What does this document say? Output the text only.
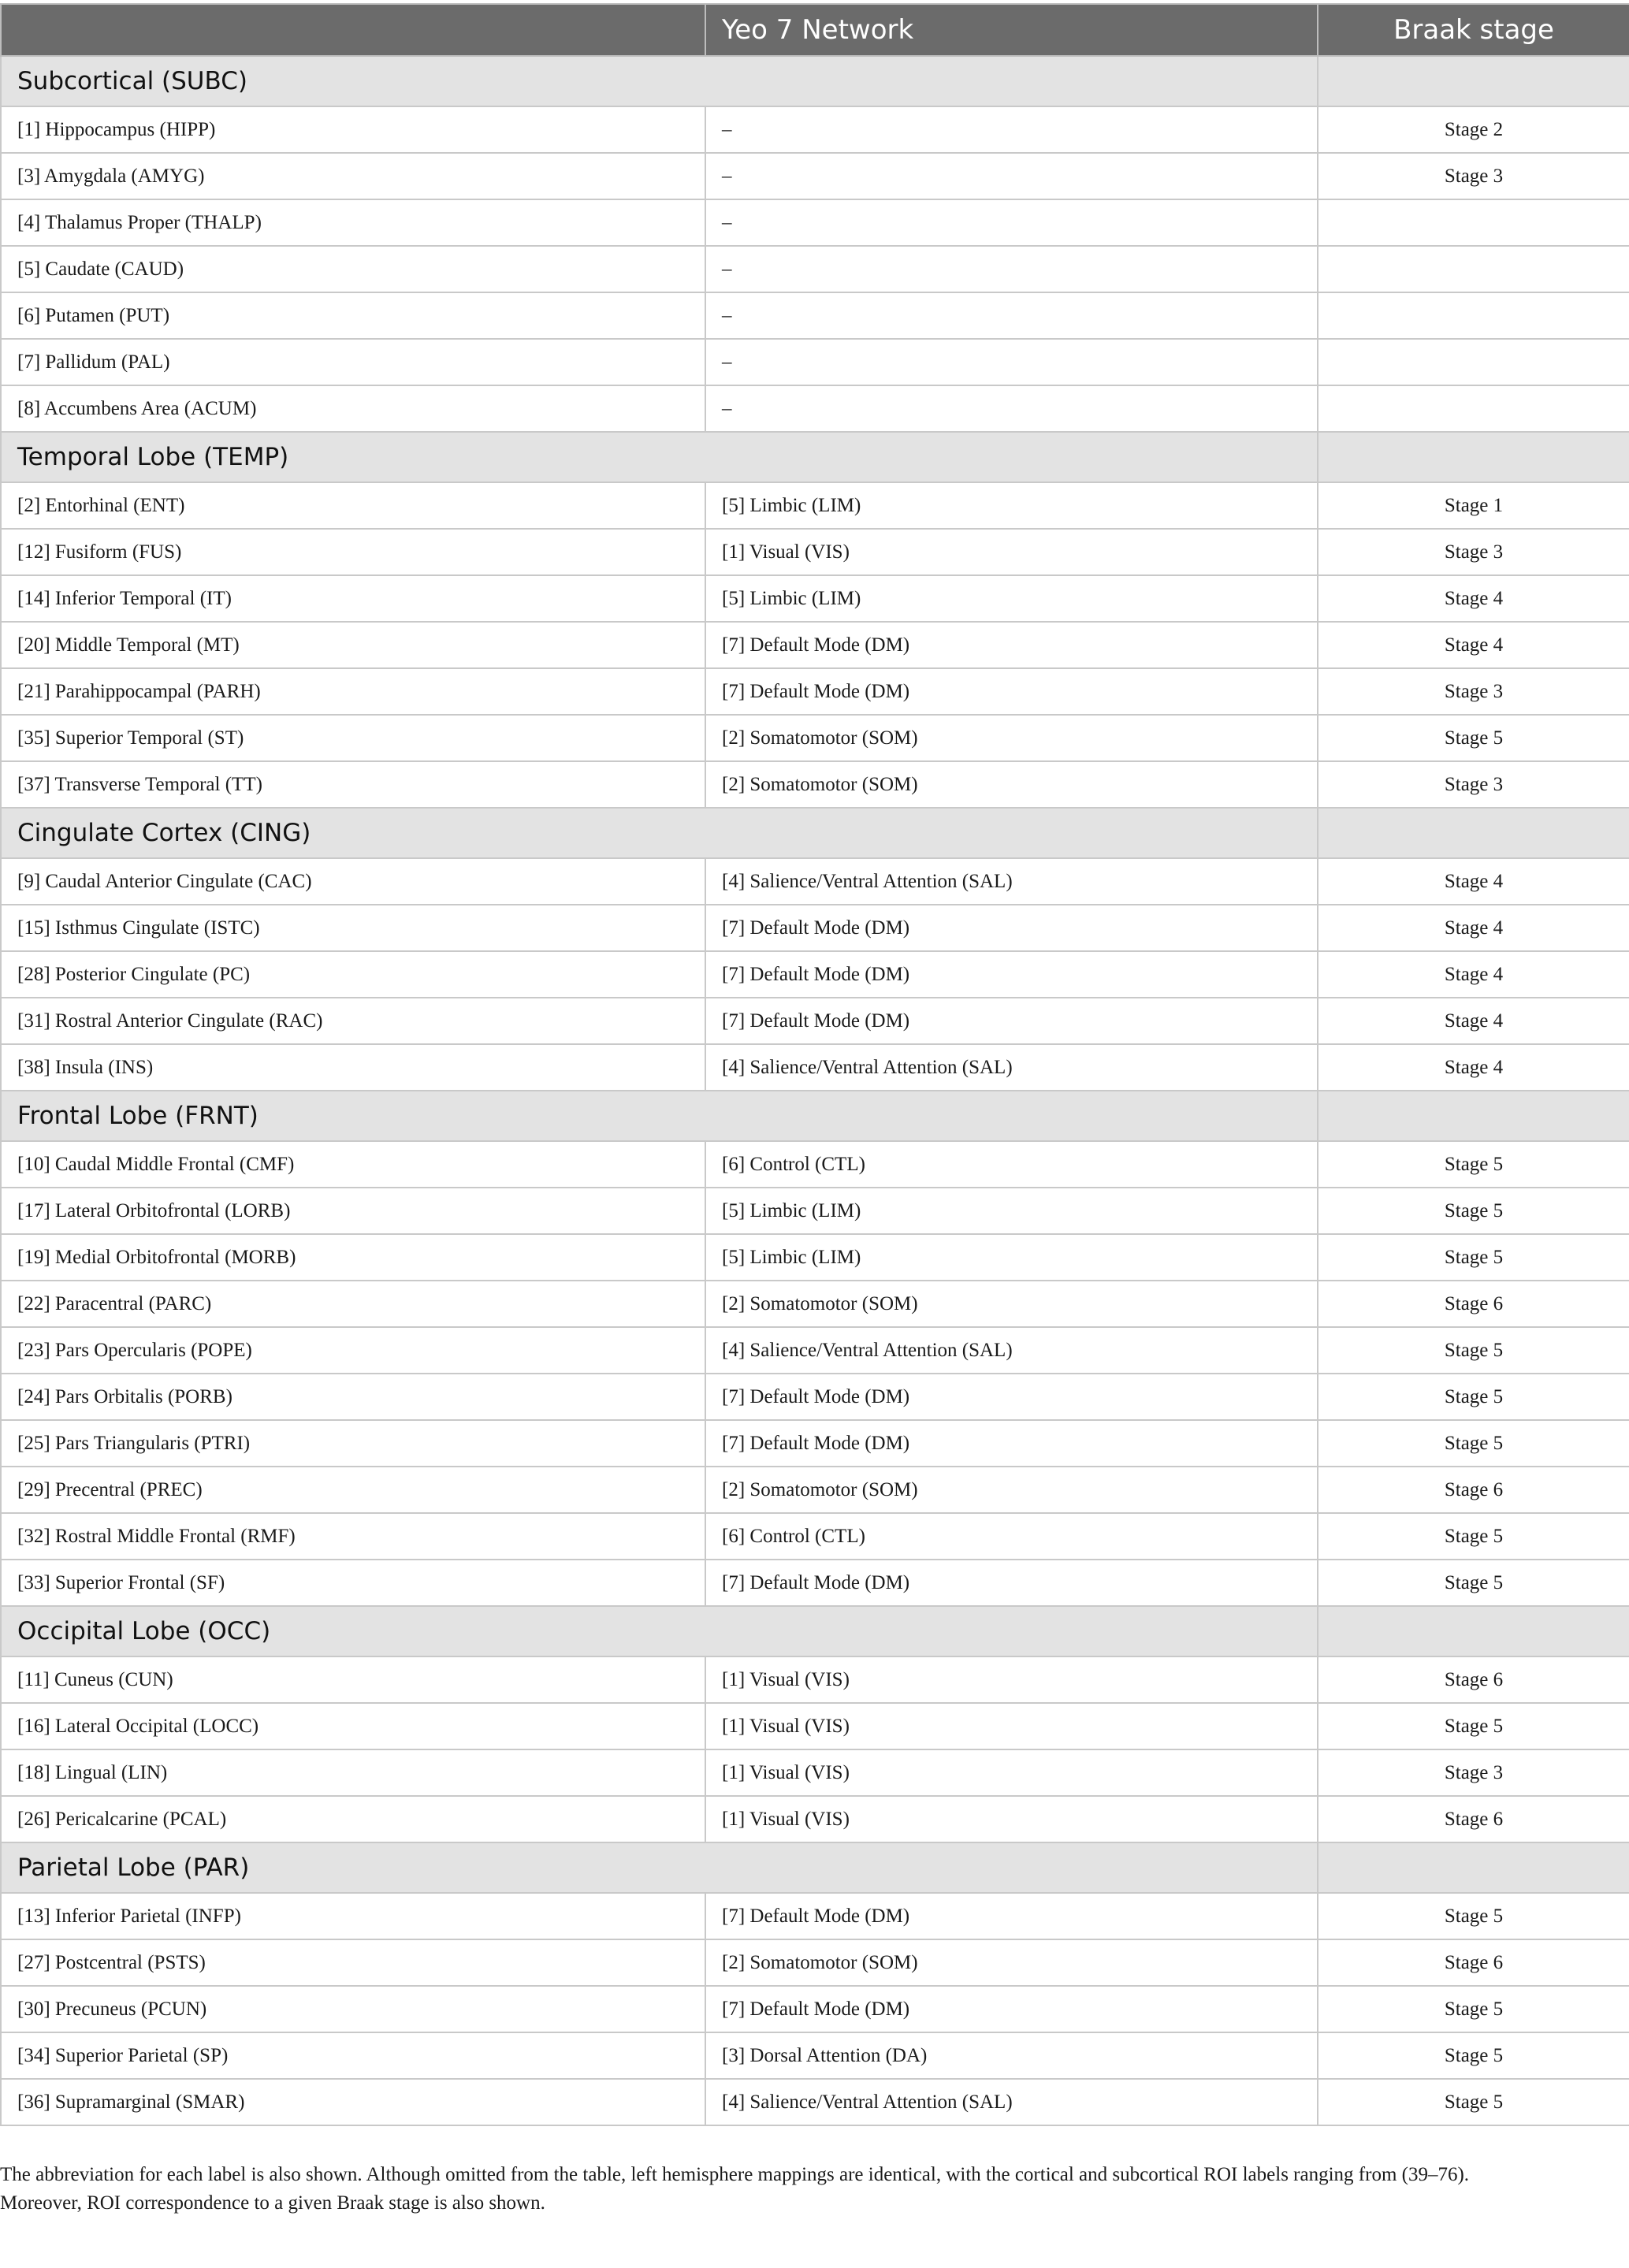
	Yeo 7 Network	Braak stage
Subcortical (SUBC)		
[1] Hippocampus (HIPP)	–	Stage 2
[3] Amygdala (AMYG)	–	Stage 3
[4] Thalamus Proper (THALP)	–	
[5] Caudate (CAUD)	–	
[6] Putamen (PUT)	–	
[7] Pallidum (PAL)	–	
[8] Accumbens Area (ACUM)	–	
Temporal Lobe (TEMP)		
[2] Entorhinal (ENT)	[5] Limbic (LIM)	Stage 1
[12] Fusiform (FUS)	[1] Visual (VIS)	Stage 3
[14] Inferior Temporal (IT)	[5] Limbic (LIM)	Stage 4
[20] Middle Temporal (MT)	[7] Default Mode (DM)	Stage 4
[21] Parahippocampal (PARH)	[7] Default Mode (DM)	Stage 3
[35] Superior Temporal (ST)	[2] Somatomotor (SOM)	Stage 5
[37] Transverse Temporal (TT)	[2] Somatomotor (SOM)	Stage 3
Cingulate Cortex (CING)		
[9] Caudal Anterior Cingulate (CAC)	[4] Salience/Ventral Attention (SAL)	Stage 4
[15] Isthmus Cingulate (ISTC)	[7] Default Mode (DM)	Stage 4
[28] Posterior Cingulate (PC)	[7] Default Mode (DM)	Stage 4
[31] Rostral Anterior Cingulate (RAC)	[7] Default Mode (DM)	Stage 4
[38] Insula (INS)	[4] Salience/Ventral Attention (SAL)	Stage 4
Frontal Lobe (FRNT)		
[10] Caudal Middle Frontal (CMF)	[6] Control (CTL)	Stage 5
[17] Lateral Orbitofrontal (LORB)	[5] Limbic (LIM)	Stage 5
[19] Medial Orbitofrontal (MORB)	[5] Limbic (LIM)	Stage 5
[22] Paracentral (PARC)	[2] Somatomotor (SOM)	Stage 6
[23] Pars Opercularis (POPE)	[4] Salience/Ventral Attention (SAL)	Stage 5
[24] Pars Orbitalis (PORB)	[7] Default Mode (DM)	Stage 5
[25] Pars Triangularis (PTRI)	[7] Default Mode (DM)	Stage 5
[29] Precentral (PREC)	[2] Somatomotor (SOM)	Stage 6
[32] Rostral Middle Frontal (RMF)	[6] Control (CTL)	Stage 5
[33] Superior Frontal (SF)	[7] Default Mode (DM)	Stage 5
Occipital Lobe (OCC)		
[11] Cuneus (CUN)	[1] Visual (VIS)	Stage 6
[16] Lateral Occipital (LOCC)	[1] Visual (VIS)	Stage 5
[18] Lingual (LIN)	[1] Visual (VIS)	Stage 3
[26] Pericalcarine (PCAL)	[1] Visual (VIS)	Stage 6
Parietal Lobe (PAR)		
[13] Inferior Parietal (INFP)	[7] Default Mode (DM)	Stage 5
[27] Postcentral (PSTS)	[2] Somatomotor (SOM)	Stage 6
[30] Precuneus (PCUN)	[7] Default Mode (DM)	Stage 5
[34] Superior Parietal (SP)	[3] Dorsal Attention (DA)	Stage 5
[36] Supramarginal (SMAR)	[4] Salience/Ventral Attention (SAL)	Stage 5
The abbreviation for each label is also shown. Although omitted from the table, left hemisphere mappings are identical, with the cortical and subcortical ROI labels ranging from (39–76).
Moreover, ROI correspondence to a given Braak stage is also shown.
